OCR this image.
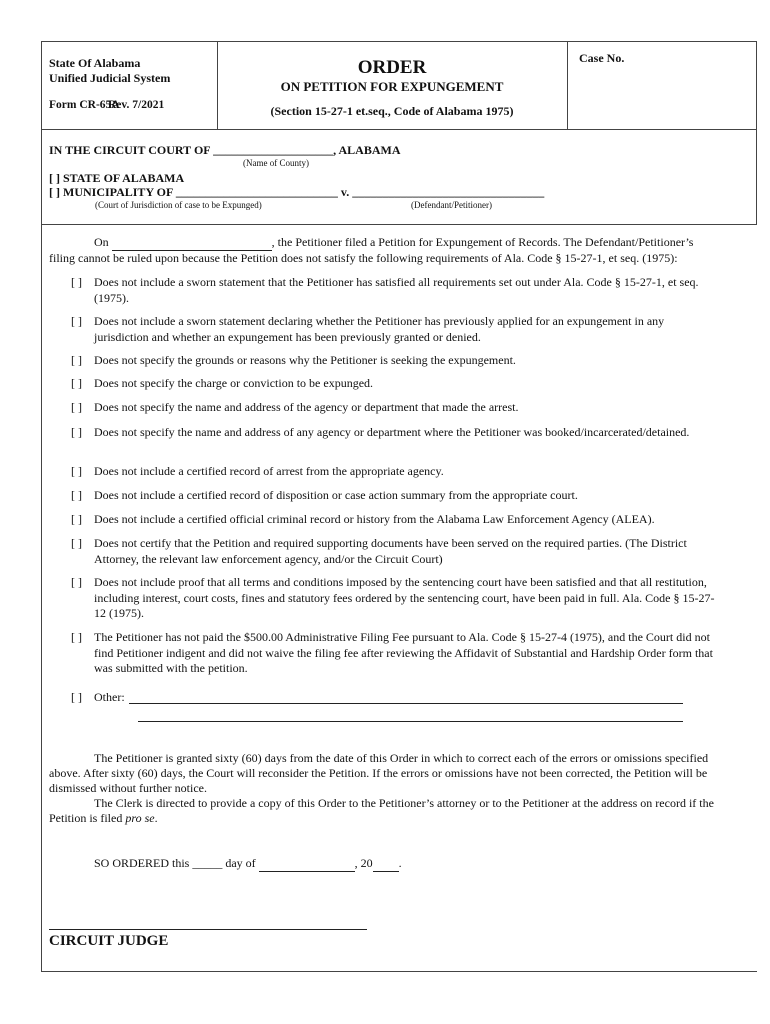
State Of Alabama
Unified Judicial System
Form CR-65A
Rev. 7/2021
ORDER
ON PETITION FOR EXPUNGEMENT
(Section 15-27-1 et.seq., Code of Alabama 1975)
Case No.
IN THE CIRCUIT COURT OF ____________________, ALABAMA
(Name of County)
[ ] STATE OF ALABAMA
[ ] MUNICIPALITY OF ___________________________ v. ________________________________
(Court of Jurisdiction of case to be Expunged)	(Defendant/Petitioner)
On	, the Petitioner filed a Petition for Expungement of Records. The Defendant/Petitioner’s filing cannot be ruled upon because the Petition does not satisfy the following requirements of Ala. Code § 15-27-1, et seq. (1975):
[ ] Does not include a sworn statement that the Petitioner has satisfied all requirements set out under Ala. Code § 15-27-1, et seq. (1975).
[ ] Does not include a sworn statement declaring whether the Petitioner has previously applied for an expungement in any jurisdiction and whether an expungement has been previously granted or denied.
[ ] Does not specify the grounds or reasons why the Petitioner is seeking the expungement.
[ ] Does not specify the charge or conviction to be expunged.
[ ] Does not specify the name and address of the agency or department that made the arrest.
[ ] Does not specify the name and address of any agency or department where the Petitioner was booked/incarcerated/detained.
[ ] Does not include a certified record of arrest from the appropriate agency.
[ ] Does not include a certified record of disposition or case action summary from the appropriate court.
[ ] Does not include a certified official criminal record or history from the Alabama Law Enforcement Agency (ALEA).
[ ] Does not certify that the Petition and required supporting documents have been served on the required parties. (The District Attorney, the relevant law enforcement agency, and/or the Circuit Court)
[ ] Does not include proof that all terms and conditions imposed by the sentencing court have been satisfied and that all restitution, including interest, court costs, fines and statutory fees ordered by the sentencing court, have been paid in full. Ala. Code § 15-27-12 (1975).
[ ] The Petitioner has not paid the $500.00 Administrative Filing Fee pursuant to Ala. Code § 15-27-4 (1975), and the Court did not find Petitioner indigent and did not waive the filing fee after reviewing the Affidavit of Substantial and Hardship Order form that was submitted with the petition.
[ ] Other:
The Petitioner is granted sixty (60) days from the date of this Order in which to correct each of the errors or omissions specified above. After sixty (60) days, the Court will reconsider the Petition. If the errors or omissions have not been corrected, the Petition will be dismissed without further notice.
The Clerk is directed to provide a copy of this Order to the Petitioner’s attorney or to the Petitioner at the address on record if the Petition is filed pro se.
SO ORDERED this _____ day of	, 20 .
CIRCUIT JUDGE
